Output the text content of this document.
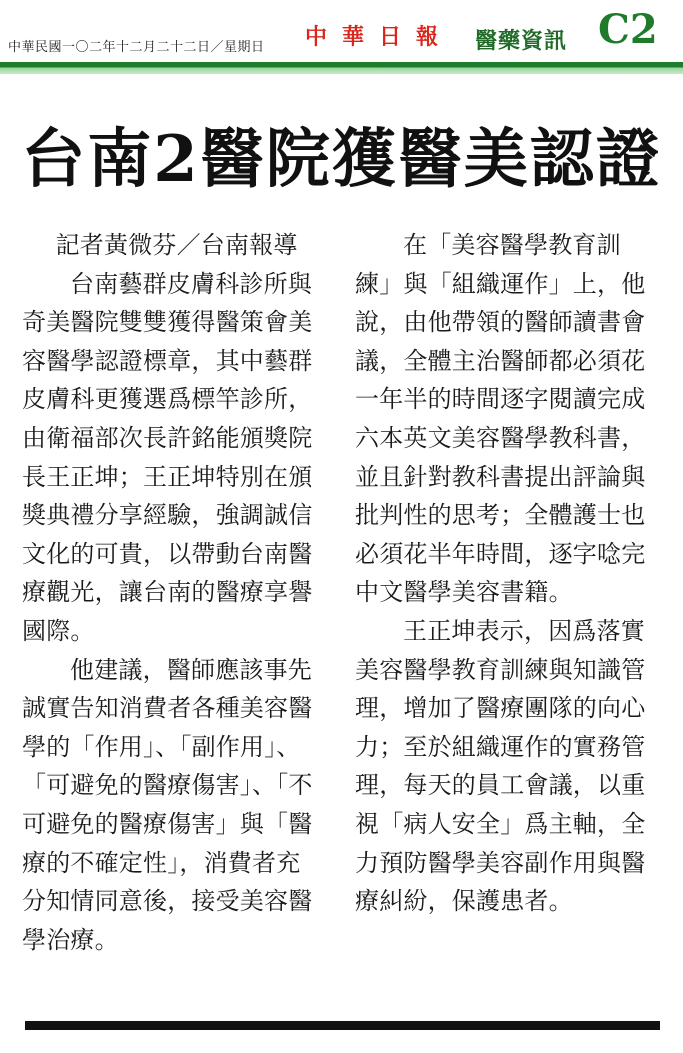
中華民國一〇二年十二月二十二日／星期日 中華日報 醫藥資訊 C2
台南2醫院獲醫美認證

記者黃微芬／台南報導

台南藝群皮膚科診所與奇美醫院雙雙獲得醫策會美容醫學認證標章，其中藝群皮膚科更獲選爲標竿診所，由衛福部次長許銘能頒獎院長王正坤；王正坤特別在頒獎典禮分享經驗，強調誠信文化的可貴，以帶動台南醫療觀光，讓台南的醫療享譽國際。

他建議，醫師應該事先誠實告知消費者各種美容醫學的「作用」、「副作用」、「可避免的醫療傷害」、「不可避免的醫療傷害」與「醫療的不確定性」，消費者充分知情同意後，接受美容醫學治療。

在「美容醫學教育訓練」與「組織運作」上，他說，由他帶領的醫師讀書會議，全體主治醫師都必須花一年半的時間逐字閱讀完成六本英文美容醫學教科書，並且針對教科書提出評論與批判性的思考；全體護士也必須花半年時間，逐字唸完中文醫學美容書籍。

王正坤表示，因爲落實美容醫學教育訓練與知識管理，增加了醫療團隊的向心力；至於組織運作的實務管理，每天的員工會議，以重視「病人安全」爲主軸，全力預防醫學美容副作用與醫療糾紛，保護患者。
